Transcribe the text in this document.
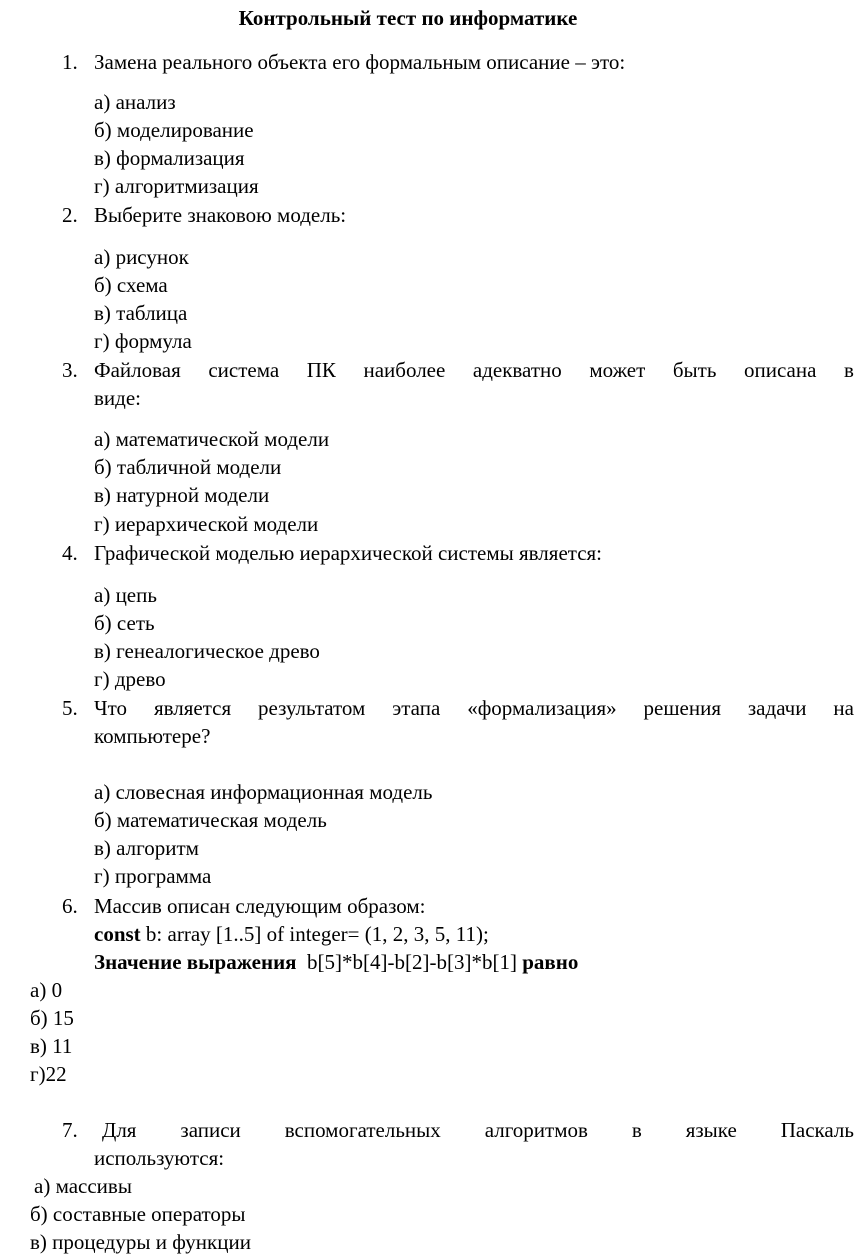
Контрольный тест по информатике
1. Замена реального объекта его формальным описание – это:
а) анализ
б) моделирование
в) формализация
г) алгоритмизация
2. Выберите знаковою модель:
а) рисунок
б) схема
в) таблица
г) формула
3. Файловая система ПК наиболее адекватно может быть описана в
виде:
а) математической модели
б) табличной модели
в) натурной модели
г) иерархической модели
4. Графической моделью иерархической системы является:
а) цепь
б) сеть
в) генеалогическое древо
г) древо
5. Что является результатом этапа «формализация» решения задачи на
компьютере?
а) словесная информационная модель
б) математическая модель
в) алгоритм
г) программа
6. Массив описан следующим образом:
const b: array [1..5] of integer= (1, 2, 3, 5, 11);
Значение выражения  b[5]*b[4]-b[2]-b[3]*b[1] равно
а) 0
б) 15
в) 11
г)22
7.	Для записи вспомогательных алгоритмов в языке Паскаль
используются:
а) массивы
б) составные операторы
в) процедуры и функции
